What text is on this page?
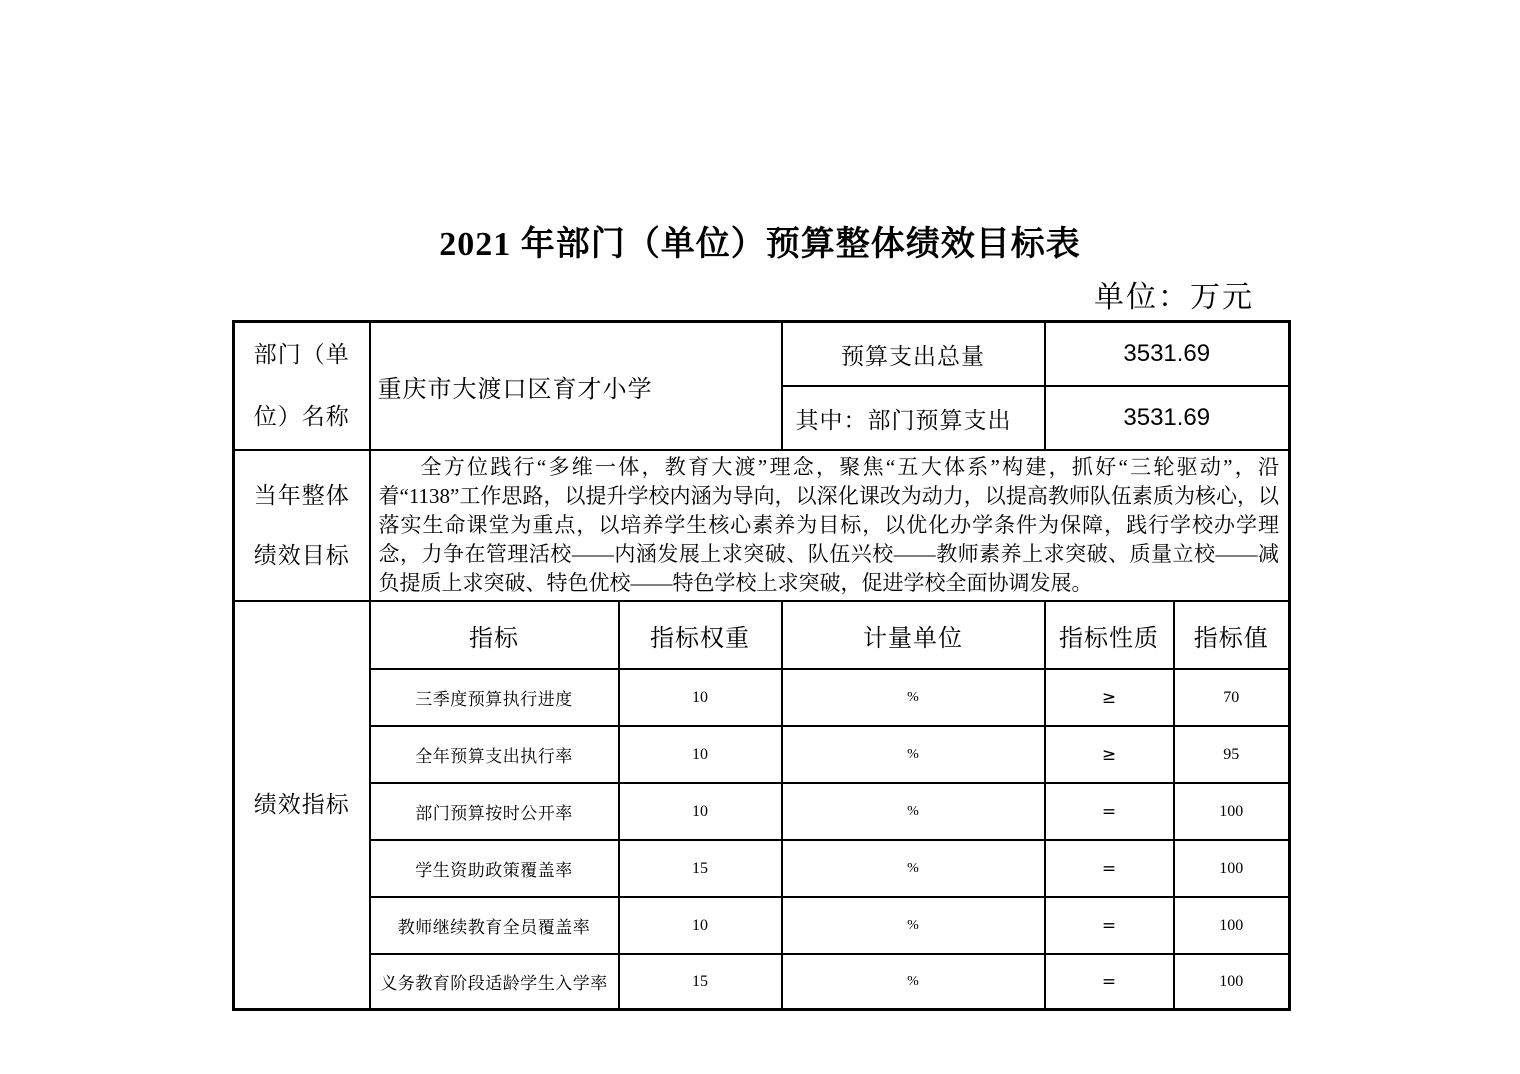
2021 年部门（单位）预算整体绩效目标表
单位：万元
部门（单位）名称	重庆市大渡口区育才小学		预算支出总量	3531.69	
			其中：部门预算支出	3531.69	
当年整体绩效目标	全方位践行“多维一体，教育大渡”理念，聚焦“五大体系”构建，抓好“三轮驱动”，沿着“1138”工作思路，以提升学校内涵为导向，以深化课改为动力，以提高教师队伍素质为核心，以落实生命课堂为重点，以培养学生核心素养为目标，以优化办学条件为保障，践行学校办学理念，力争在管理活校——内涵发展上求突破、队伍兴校——教师素养上求突破、质量立校——减负提质上求突破、特色优校——特色学校上求突破，促进学校全面协调发展。				
绩效指标	指标	指标权重	计量单位	指标性质	指标值
	三季度预算执行进度	10	%	≥	70
	全年预算支出执行率	10	%	≥	95
	部门预算按时公开率	10	%	=	100
	学生资助政策覆盖率	15	%	=	100
	教师继续教育全员覆盖率	10	%	=	100
	义务教育阶段适龄学生入学率	15	%	=	100
